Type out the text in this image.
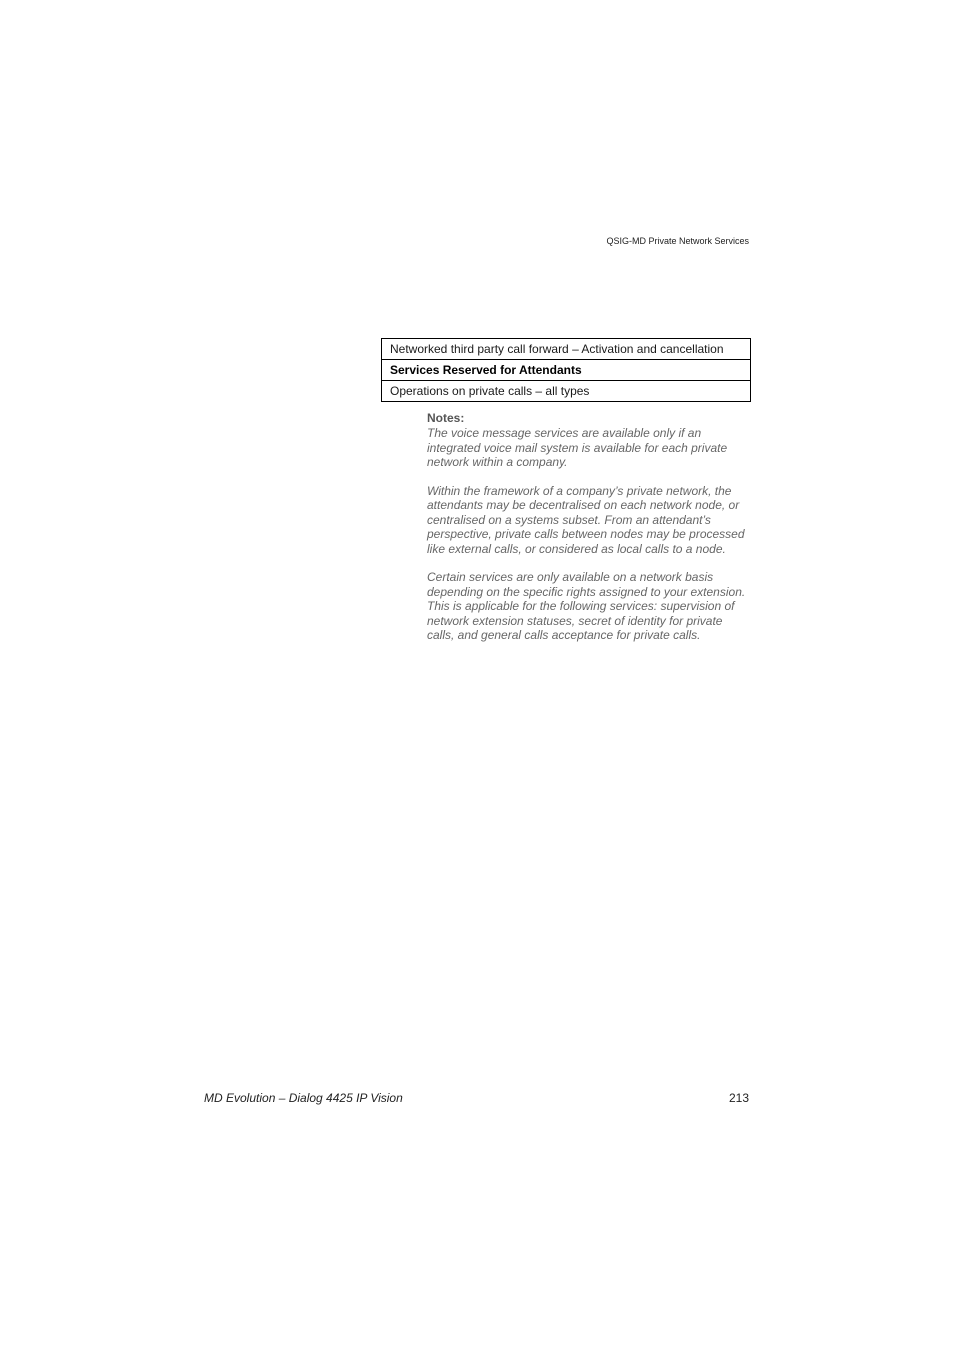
QSIG-MD Private Network Services
Networked third party call forward – Activation and cancellation
Services Reserved for Attendants
Operations on private calls – all types
Notes:

The voice message services are available only if an integrated voice mail system is available for each private network within a company.

Within the framework of a company’s private network, the attendants may be decentralised on each network node, or centralised on a systems subset. From an attendant’s perspective, private calls between nodes may be processed like external calls, or considered as local calls to a node.

Certain services are only available on a network basis depending on the specific rights assigned to your extension. This is applicable for the following services: supervision of network extension statuses, secret of identity for private calls, and general calls acceptance for private calls.

MD Evolution – Dialog 4425 IP Vision	213
